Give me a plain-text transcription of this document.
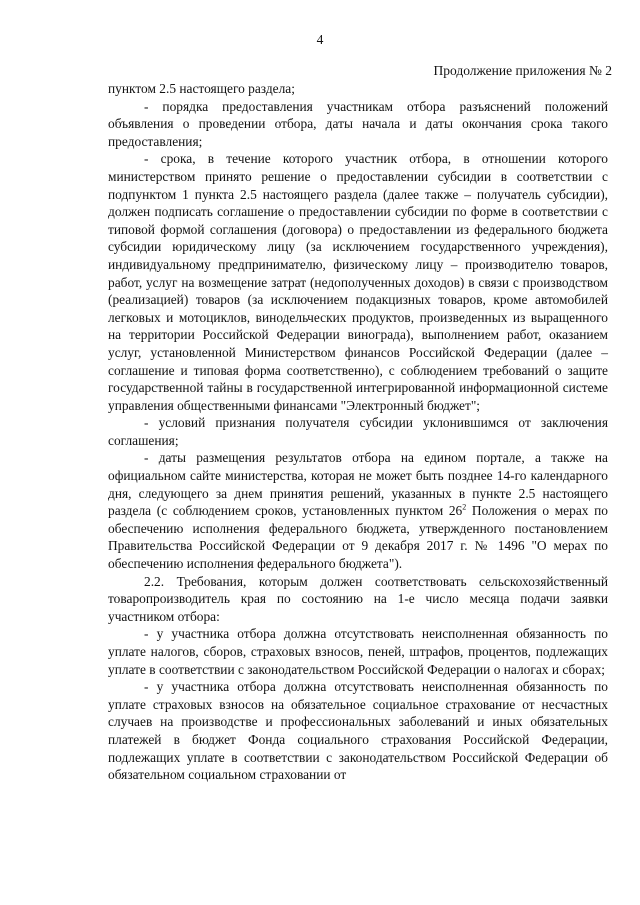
4
Продолжение приложения № 2

пунктом 2.5 настоящего раздела;

- порядка предоставления участникам отбора разъяснений положений объявления о проведении отбора, даты начала и даты окончания срока такого предоставления;

- срока, в течение которого участник отбора, в отношении которого министерством принято решение о предоставлении субсидии в соответствии с подпунктом 1 пункта 2.5 настоящего раздела (далее также – получатель субсидии), должен подписать соглашение о предоставлении субсидии по форме в соответствии с типовой формой соглашения (договора) о предоставлении из федерального бюджета субсидии юридическому лицу (за исключением государственного учреждения), индивидуальному предпринимателю, физическому лицу – производителю товаров, работ, услуг на возмещение затрат (недополученных доходов) в связи с производством (реализацией) товаров (за исключением подакцизных товаров, кроме автомобилей легковых и мотоциклов, винодельческих продуктов, произведенных из выращенного на территории Российской Федерации винограда), выполнением работ, оказанием услуг, установленной Министерством финансов Российской Федерации (далее – соглашение и типовая форма соответственно), с соблюдением требований о защите государственной тайны в государственной интегрированной информационной системе управления общественными финансами "Электронный бюджет";

- условий признания получателя субсидии уклонившимся от заключения соглашения;

- даты размещения результатов отбора на едином портале, а также на официальном сайте министерства, которая не может быть позднее 14-го календарного дня, следующего за днем принятия решений, указанных в пункте 2.5 настоящего раздела (с соблюдением сроков, установленных пунктом $26^2$ Положения о мерах по обеспечению исполнения федерального бюджета, утвержденного постановлением Правительства Российской Федерации от 9 декабря 2017 г. № 1496 "О мерах по обеспечению исполнения федерального бюджета").

2.2. Требования, которым должен соответствовать сельскохозяйственный товаропроизводитель края по состоянию на 1-е число месяца подачи заявки участником отбора:

- у участника отбора должна отсутствовать неисполненная обязанность по уплате налогов, сборов, страховых взносов, пеней, штрафов, процентов, подлежащих уплате в соответствии с законодательством Российской Федерации о налогах и сборах;

- у участника отбора должна отсутствовать неисполненная обязанность по уплате страховых взносов на обязательное социальное страхование от несчастных случаев на производстве и профессиональных заболеваний и иных обязательных платежей в бюджет Фонда социального страхования Российской Федерации, подлежащих уплате в соответствии с законодательством Российской Федерации об обязательном социальном страховании от
